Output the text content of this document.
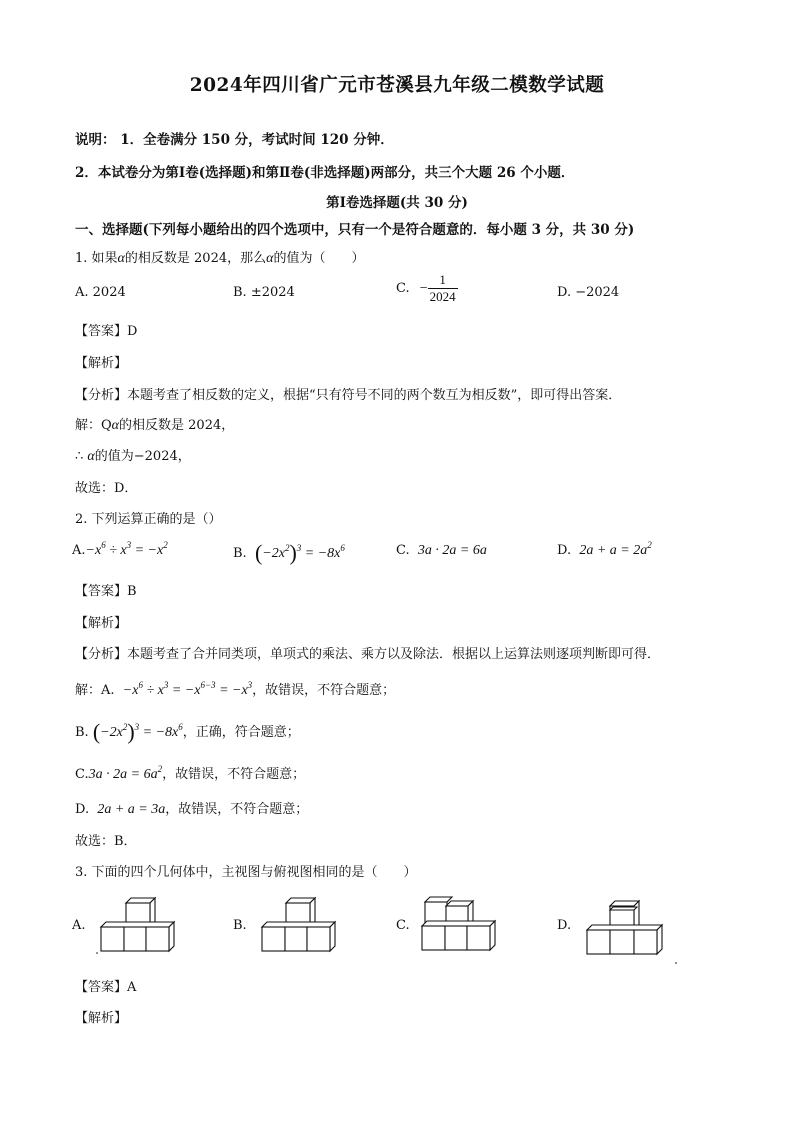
2024年四川省广元市苍溪县九年级二模数学试题
说明： 1．全卷满分 150 分，考试时间 120 分钟．
2．本试卷分为第Ⅰ卷(选择题)和第Ⅱ卷(非选择题)两部分，共三个大题 26 个小题．
第Ⅰ卷选择题(共 30 分)
一、选择题(下列每小题给出的四个选项中，只有一个是符合题意的．每小题 3 分，共 30 分)
1. 如果α的相反数是 2024，那么α的值为（　　）
A. 2024	B. ±2024	C. − $\frac{1}{2024}$	D. −2024
【答案】D
【解析】
【分析】本题考查了相反数的定义，根据“只有符号不同的两个数互为相反数”，即可得出答案．
解：Qα的相反数是 2024，
∴ α的值为−2024，
故选：D．
2. 下列运算正确的是（）
$A.-x^6 \div x^3 = -x^2$
B. $(-2x^2)^3 = -8x^6$	C. 3a · 2a = 6a	D. $2a + a = 2a^2$
【答案】B
【解析】
【分析】本题考查了合并同类项，单项式的乘法、乘方以及除法．根据以上运算法则逐项判断即可得．
解：A. $-x^6 \div x^3 = -x^{6-3} = -x^3$，故错误，不符合题意；
B. $(-2x^2)^3 = -8x^6$，正确，符合题意；
$C.3a \cdot 2a = 6a^2$，故错误，不符合题意；
D. 2a + a = 3a，故错误，不符合题意；
故选：B．
3. 下面的四个几何体中，主视图与俯视图相同的是（　　）
A.	B.	C.	D.
【答案】A
【解析】
